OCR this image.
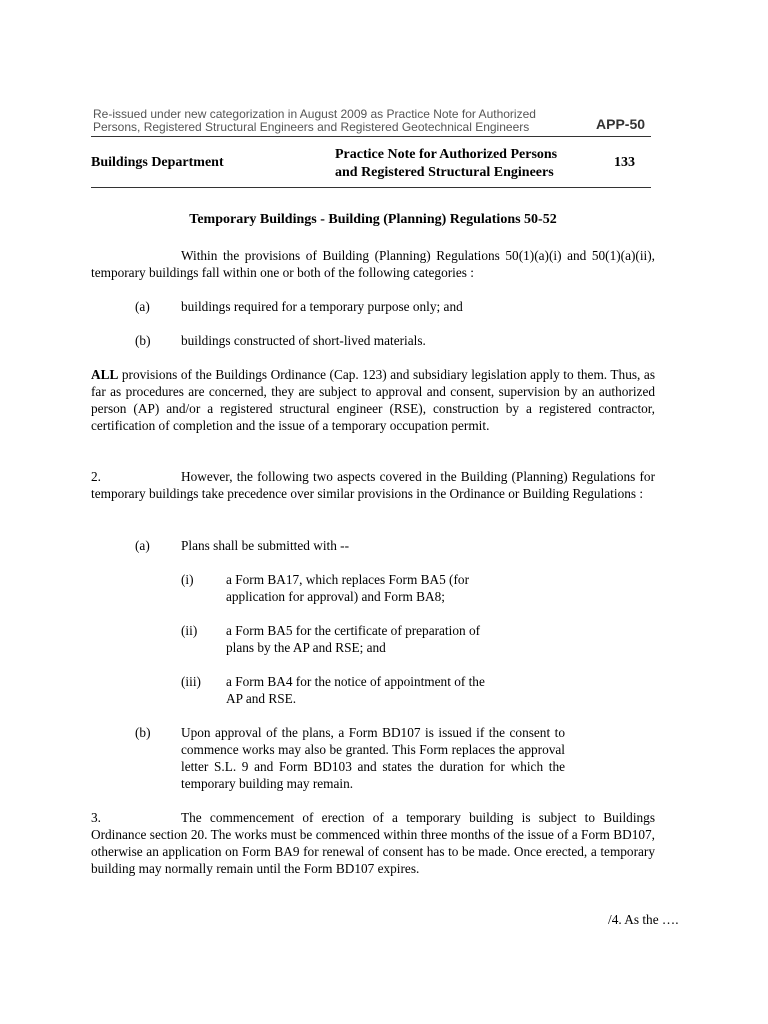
Re-issued under new categorization in August 2009 as Practice Note for Authorized
Persons, Registered Structural Engineers and Registered Geotechnical Engineers	APP-50
Buildings Department
Practice Note for Authorized Persons
and Registered Structural Engineers
133
Temporary Buildings - Building (Planning) Regulations 50-52
Within the provisions of Building (Planning) Regulations 50(1)(a)(i) and 50(1)(a)(ii), temporary buildings fall within one or both of the following categories :
(a) buildings required for a temporary purpose only; and
(b) buildings constructed of short-lived materials.
ALL provisions of the Buildings Ordinance (Cap. 123) and subsidiary legislation apply to them. Thus, as far as procedures are concerned, they are subject to approval and consent, supervision by an authorized person (AP) and/or a registered structural engineer (RSE), construction by a registered contractor, certification of completion and the issue of a temporary occupation permit.
2.	However, the following two aspects covered in the Building (Planning) Regulations for temporary buildings take precedence over similar provisions in the Ordinance or Building Regulations :
(a) Plans shall be submitted with --
(i) a Form BA17, which replaces Form BA5 (for
application for approval) and Form BA8;
(ii) a Form BA5 for the certificate of preparation of
plans by the AP and RSE; and
(iii) a Form BA4 for the notice of appointment of the
AP and RSE.
(b) Upon approval of the plans, a Form BD107 is issued if the consent to commence works may also be granted. This Form replaces the approval letter S.L. 9 and Form BD103 and states the duration for which the temporary building may remain.
3.	The commencement of erection of a temporary building is subject to Buildings Ordinance section 20. The works must be commenced within three months of the issue of a Form BD107, otherwise an application on Form BA9 for renewal of consent has to be made. Once erected, a temporary building may normally remain until the Form BD107 expires.
/4. As the ….
